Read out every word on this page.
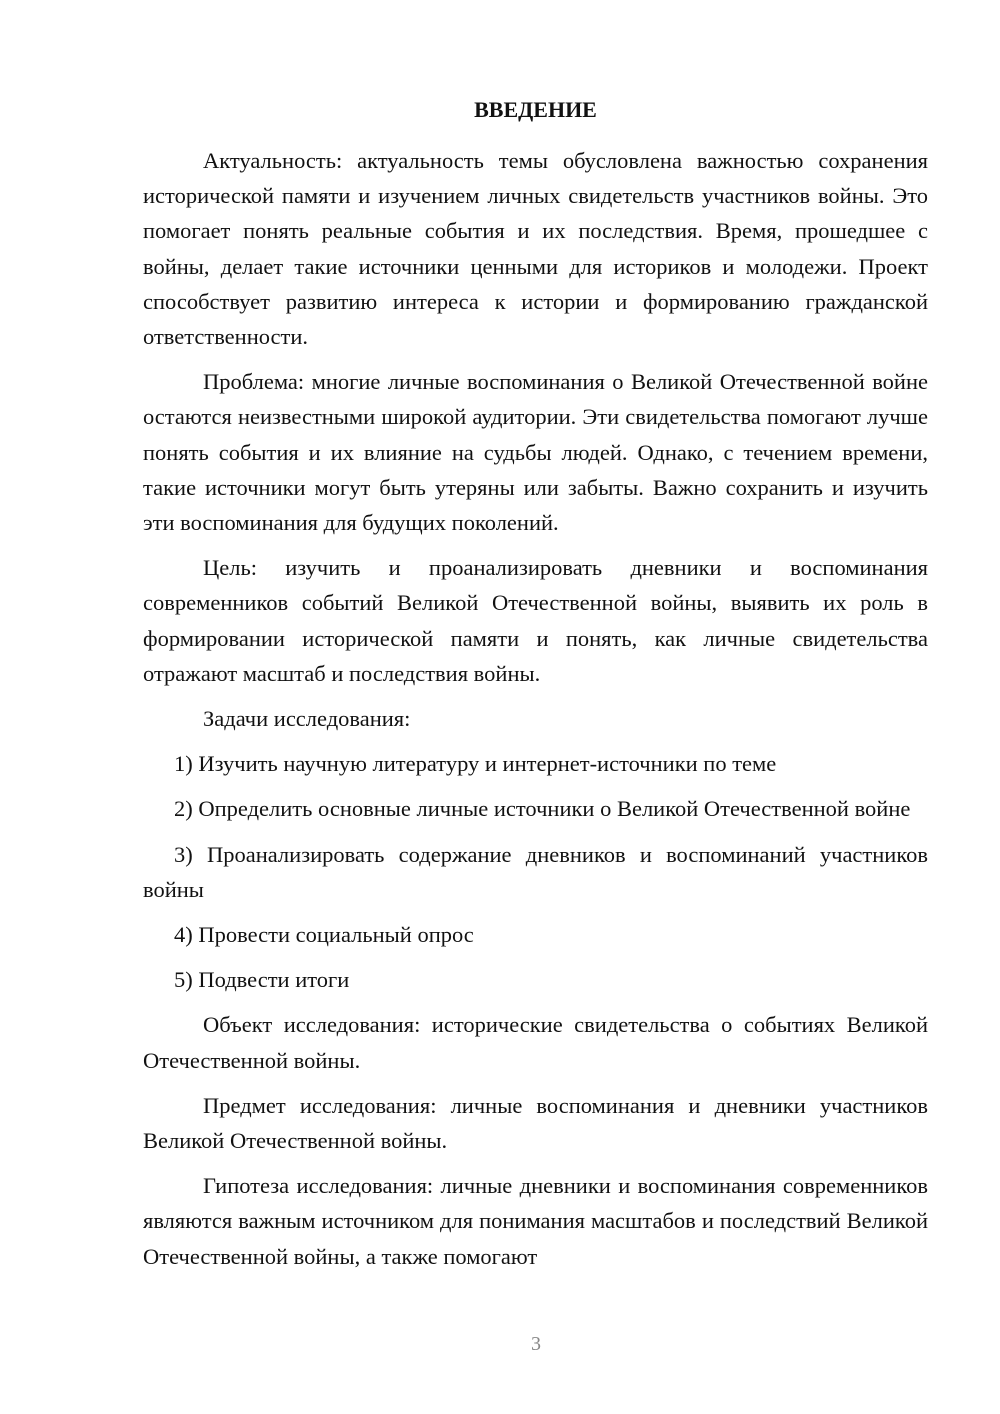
ВВЕДЕНИЕ

Актуальность: актуальность темы обусловлена важностью сохранения исторической памяти и изучением личных свидетельств участников войны. Это помогает понять реальные события и их последствия. Время, прошедшее с войны, делает такие источники ценными для историков и молодежи. Проект способствует развитию интереса к истории и формированию гражданской ответственности.

Проблема: многие личные воспоминания о Великой Отечественной войне остаются неизвестными широкой аудитории. Эти свидетельства помогают лучше понять события и их влияние на судьбы людей. Однако, с течением времени, такие источники могут быть утеряны или забыты. Важно сохранить и изучить эти воспоминания для будущих поколений.

Цель: изучить и проанализировать дневники и воспоминания современников событий Великой Отечественной войны, выявить их роль в формировании исторической памяти и понять, как личные свидетельства отражают масштаб и последствия войны.

Задачи исследования:

1) Изучить научную литературу и интернет-источники по теме

2) Определить основные личные источники о Великой Отечественной войне

3) Проанализировать содержание дневников и воспоминаний участников войны

4) Провести социальный опрос

5) Подвести итоги

Объект исследования: исторические свидетельства о событиях Великой Отечественной войны.

Предмет исследования: личные воспоминания и дневники участников Великой Отечественной войны.

Гипотеза исследования: личные дневники и воспоминания современников являются важным источником для понимания масштабов и последствий Великой Отечественной войны, а также помогают

3
